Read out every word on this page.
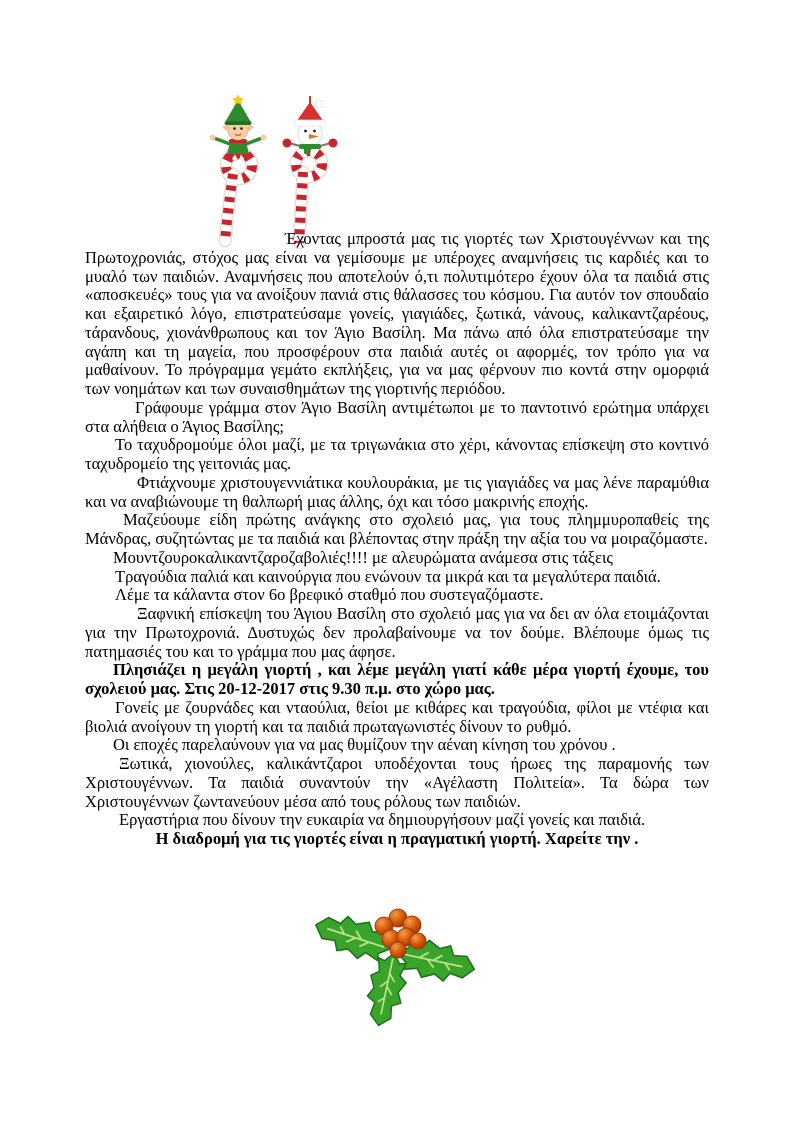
Έχοντας μπροστά μας τις γιορτές των Χριστουγέννων και της Πρωτοχρονιάς, στόχος μας είναι να γεμίσουμε με υπέροχες αναμνήσεις τις καρδιές και το μυαλό των παιδιών. Αναμνήσεις που αποτελούν ό,τι πολυτιμότερο έχουν όλα τα παιδιά στις «αποσκευές» τους για να ανοίξουν πανιά στις θάλασσες του κόσμου. Για αυτόν τον σπουδαίο και εξαιρετικό λόγο, επιστρατεύσαμε γονείς, γιαγιάδες, ξωτικά, νάνους, καλικαντζαρέους, τάρανδους, χιονάνθρωπους και τον Άγιο Βασίλη. Μα πάνω από όλα επιστρατεύσαμε την αγάπη και τη μαγεία, που προσφέρουν στα παιδιά αυτές οι αφορμές, τον τρόπο για να μαθαίνουν. Το πρόγραμμα γεμάτο εκπλήξεις, για να μας φέρνουν πιο κοντά στην ομορφιά των νοημάτων και των συναισθημάτων της γιορτινής περιόδου.

Γράφουμε γράμμα στον Άγιο Βασίλη αντιμέτωποι με το παντοτινό ερώτημα υπάρχει στα αλήθεια ο Άγιος Βασίλης;

Το ταχυδρομούμε όλοι μαζί, με τα τριγωνάκια στο χέρι, κάνοντας επίσκεψη στο κοντινό ταχυδρομείο της γειτονιάς μας.

Φτιάχνουμε χριστουγεννιάτικα κουλουράκια, με τις γιαγιάδες να μας λένε παραμύθια και να αναβιώνουμε τη θαλπωρή μιας άλλης, όχι και τόσο μακρινής εποχής.

Μαζεύουμε είδη πρώτης ανάγκης στο σχολειό μας, για τους πλημμυροπαθείς της Μάνδρας, συζητώντας με τα παιδιά και βλέποντας στην πράξη την αξία του να μοιραζόμαστε.

Μουντζουροκαλικαντζαροζαβολιές!!!! με αλευρώματα ανάμεσα στις τάξεις

Τραγούδια παλιά και καινούργια που ενώνουν τα μικρά και τα μεγαλύτερα παιδιά.

Λέμε τα κάλαντα στον 6ο βρεφικό σταθμό που συστεγαζόμαστε.

Ξαφνική επίσκεψη του Άγιου Βασίλη στο σχολειό μας για να δει αν όλα ετοιμάζονται για την Πρωτοχρονιά. Δυστυχώς δεν προλαβαίνουμε να τον δούμε. Βλέπουμε όμως τις πατημασιές του και το γράμμα που μας άφησε.

Πλησιάζει η μεγάλη γιορτή , και λέμε μεγάλη γιατί κάθε μέρα γιορτή έχουμε, του σχολειού μας. Στις 20-12-2017 στις 9.30 π.μ. στο χώρο μας.

Γονείς με ζουρνάδες και νταούλια, θείοι με κιθάρες και τραγούδια, φίλοι με ντέφια και βιολιά ανοίγουν τη γιορτή και τα παιδιά πρωταγωνιστές δίνουν το ρυθμό.

Οι εποχές παρελαύνουν για να μας θυμίζουν την αέναη κίνηση του χρόνου .

Ξωτικά, χιονούλες, καλικάντζαροι υποδέχονται τους ήρωες της παραμονής των Χριστουγέννων. Τα παιδιά συναντούν την «Αγέλαστη Πολιτεία». Τα δώρα των Χριστουγέννων ζωντανεύουν μέσα από τους ρόλους των παιδιών.

Εργαστήρια που δίνουν την ευκαιρία να δημιουργήσουν μαζί γονείς και παιδιά.

Η διαδρομή για τις γιορτές είναι η πραγματική γιορτή. Χαρείτε την .
